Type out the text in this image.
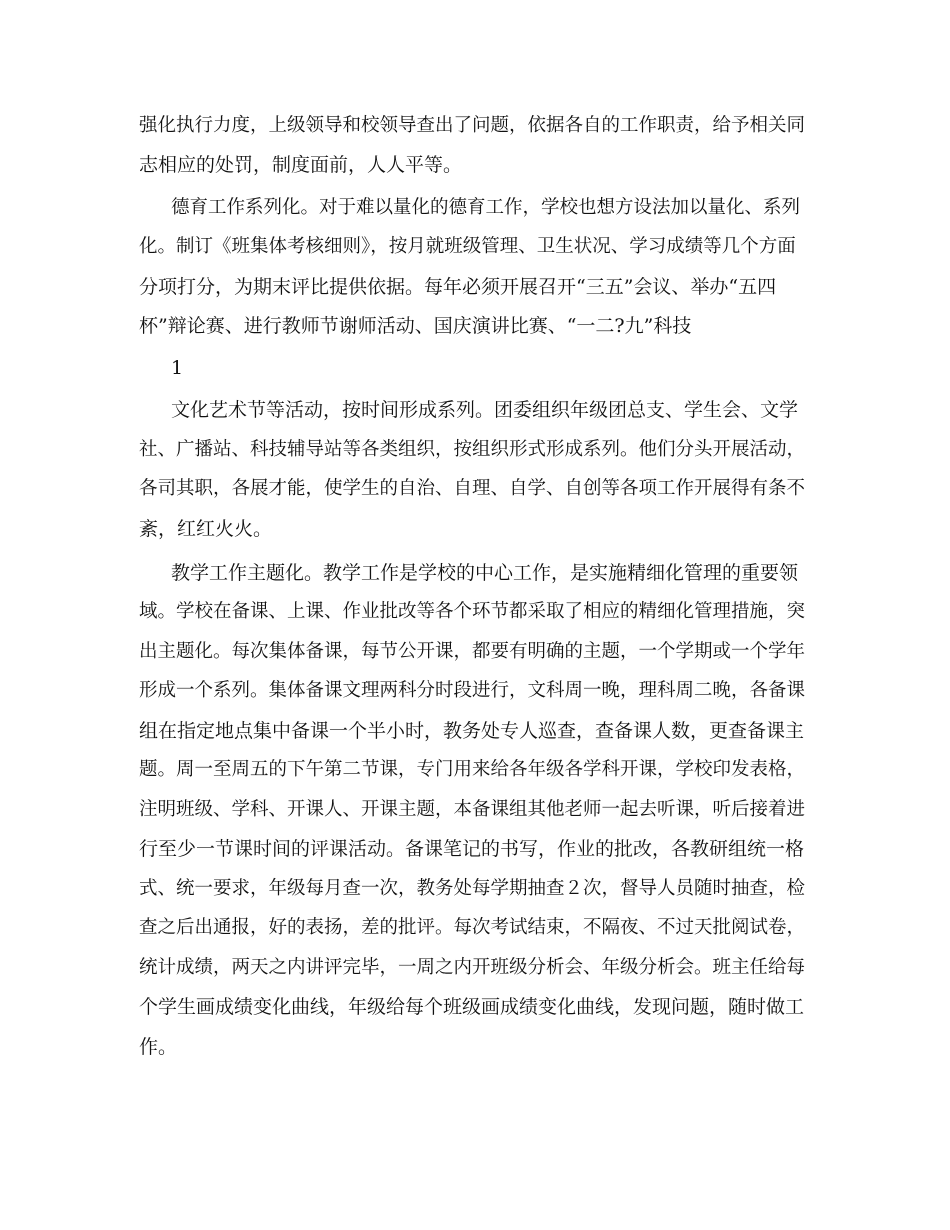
强化执行力度，上级领导和校领导查出了问题，依据各自的工作职责，给予相关同
志相应的处罚，制度面前，人人平等。
德育工作系列化。对于难以量化的德育工作，学校也想方设法加以量化、系列
化。制订《班集体考核细则》，按月就班级管理、卫生状况、学习成绩等几个方面
分项打分，为期末评比提供依据。每年必须开展召开“三五”会议、举办“五四
杯”辩论赛、进行教师节谢师活动、国庆演讲比赛、“一二?九”科技
1
文化艺术节等活动，按时间形成系列。团委组织年级团总支、学生会、文学
社、广播站、科技辅导站等各类组织，按组织形式形成系列。他们分头开展活动，
各司其职，各展才能，使学生的自治、自理、自学、自创等各项工作开展得有条不
紊，红红火火。
教学工作主题化。教学工作是学校的中心工作，是实施精细化管理的重要领
域。学校在备课、上课、作业批改等各个环节都采取了相应的精细化管理措施，突
出主题化。每次集体备课，每节公开课，都要有明确的主题，一个学期或一个学年
形成一个系列。集体备课文理两科分时段进行，文科周一晚，理科周二晚，各备课
组在指定地点集中备课一个半小时，教务处专人巡查，查备课人数，更查备课主
题。周一至周五的下午第二节课，专门用来给各年级各学科开课，学校印发表格，
注明班级、学科、开课人、开课主题，本备课组其他老师一起去听课，听后接着进
行至少一节课时间的评课活动。备课笔记的书写，作业的批改，各教研组统一格
式、统一要求，年级每月查一次，教务处每学期抽查２次，督导人员随时抽查，检
查之后出通报，好的表扬，差的批评。每次考试结束，不隔夜、不过天批阅试卷，
统计成绩，两天之内讲评完毕，一周之内开班级分析会、年级分析会。班主任给每
个学生画成绩变化曲线，年级给每个班级画成绩变化曲线，发现问题，随时做工
作。
